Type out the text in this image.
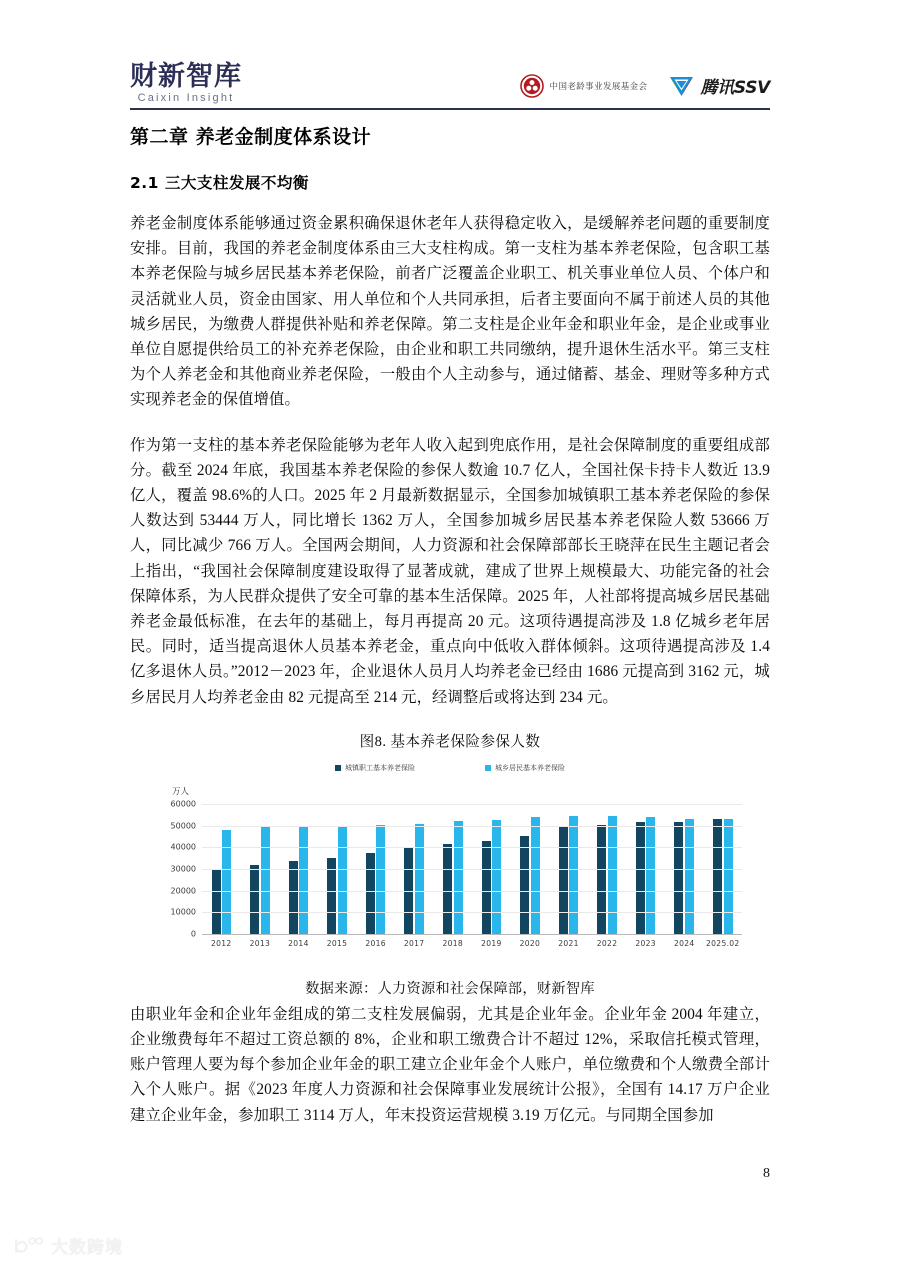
财新智库
Caixin Insight
中国老龄事业发展基金会	腾讯SSV
第二章 养老金制度体系设计
2.1 三大支柱发展不均衡

养老金制度体系能够通过资金累积确保退休老年人获得稳定收入，是缓解养老问题的重要制度安排。目前，我国的养老金制度体系由三大支柱构成。第一支柱为基本养老保险，包含职工基本养老保险与城乡居民基本养老保险，前者广泛覆盖企业职工、机关事业单位人员、个体户和灵活就业人员，资金由国家、用人单位和个人共同承担，后者主要面向不属于前述人员的其他城乡居民，为缴费人群提供补贴和养老保障。第二支柱是企业年金和职业年金，是企业或事业单位自愿提供给员工的补充养老保险，由企业和职工共同缴纳，提升退休生活水平。第三支柱为个人养老金和其他商业养老保险，一般由个人主动参与，通过储蓄、基金、理财等多种方式实现养老金的保值增值。

作为第一支柱的基本养老保险能够为老年人收入起到兜底作用，是社会保障制度的重要组成部分。截至 2024 年底，我国基本养老保险的参保人数逾 10.7 亿人，全国社保卡持卡人数近 13.9 亿人，覆盖 98.6%的人口。2025 年 2 月最新数据显示，全国参加城镇职工基本养老保险的参保人数达到 53444 万人，同比增长 1362 万人，全国参加城乡居民基本养老保险人数 53666 万人，同比减少 766 万人。全国两会期间，人力资源和社会保障部部长王晓萍在民生主题记者会上指出，“我国社会保障制度建设取得了显著成就，建成了世界上规模最大、功能完备的社会保障体系，为人民群众提供了安全可靠的基本生活保障。2025 年，人社部将提高城乡居民基础养老金最低标准，在去年的基础上，每月再提高 20 元。这项待遇提高涉及 1.8 亿城乡老年居民。同时，适当提高退休人员基本养老金，重点向中低收入群体倾斜。这项待遇提高涉及 1.4 亿多退休人员。”2012－2023 年，企业退休人员月人均养老金已经由 1686 元提高到 3162 元，城乡居民月人均养老金由 82 元提高至 214 元，经调整后或将达到 234 元。

图8. 基本养老保险参保人数
城镇职工基本养老保险	城乡居民基本养老保险
万人
0
10000
20000
30000
40000
50000
60000
2012	2013	2014	2015	2016	2017	2018	2019	2020	2021	2022	2023	2024	2025.02
数据来源：人力资源和社会保障部，财新智库

由职业年金和企业年金组成的第二支柱发展偏弱，尤其是企业年金。企业年金 2004 年建立，企业缴费每年不超过工资总额的 8%，企业和职工缴费合计不超过 12%，采取信托模式管理，账户管理人要为每个参加企业年金的职工建立企业年金个人账户，单位缴费和个人缴费全部计入个人账户。据《2023 年度人力资源和社会保障事业发展统计公报》，全国有 14.17 万户企业建立企业年金，参加职工 3114 万人，年末投资运营规模 3.19 万亿元。与同期全国参加

8
大数跨境
